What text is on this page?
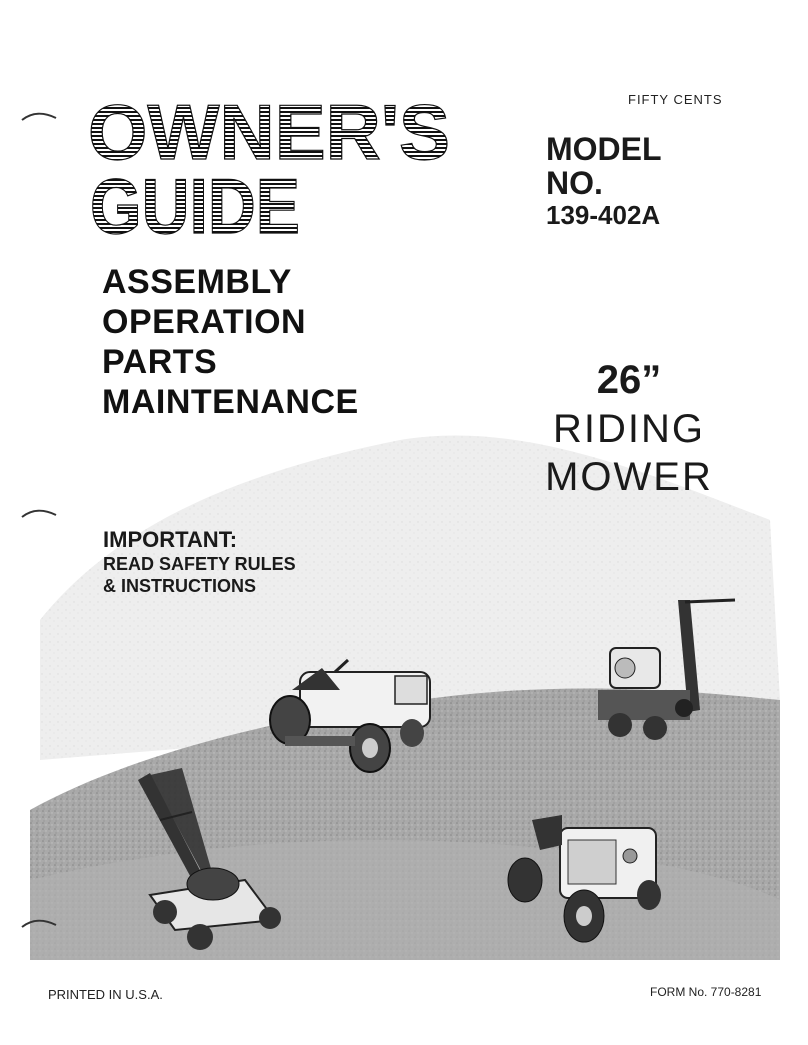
FIFTY CENTS
OWNER'S
GUIDE
MODEL
NO.
139-402A
ASSEMBLY
OPERATION
PARTS
MAINTENANCE	26”
RIDING
MOWER
IMPORTANT:
READ SAFETY RULES
& INSTRUCTIONS
PRINTED IN U.S.A.	FORM No. 770-8281
